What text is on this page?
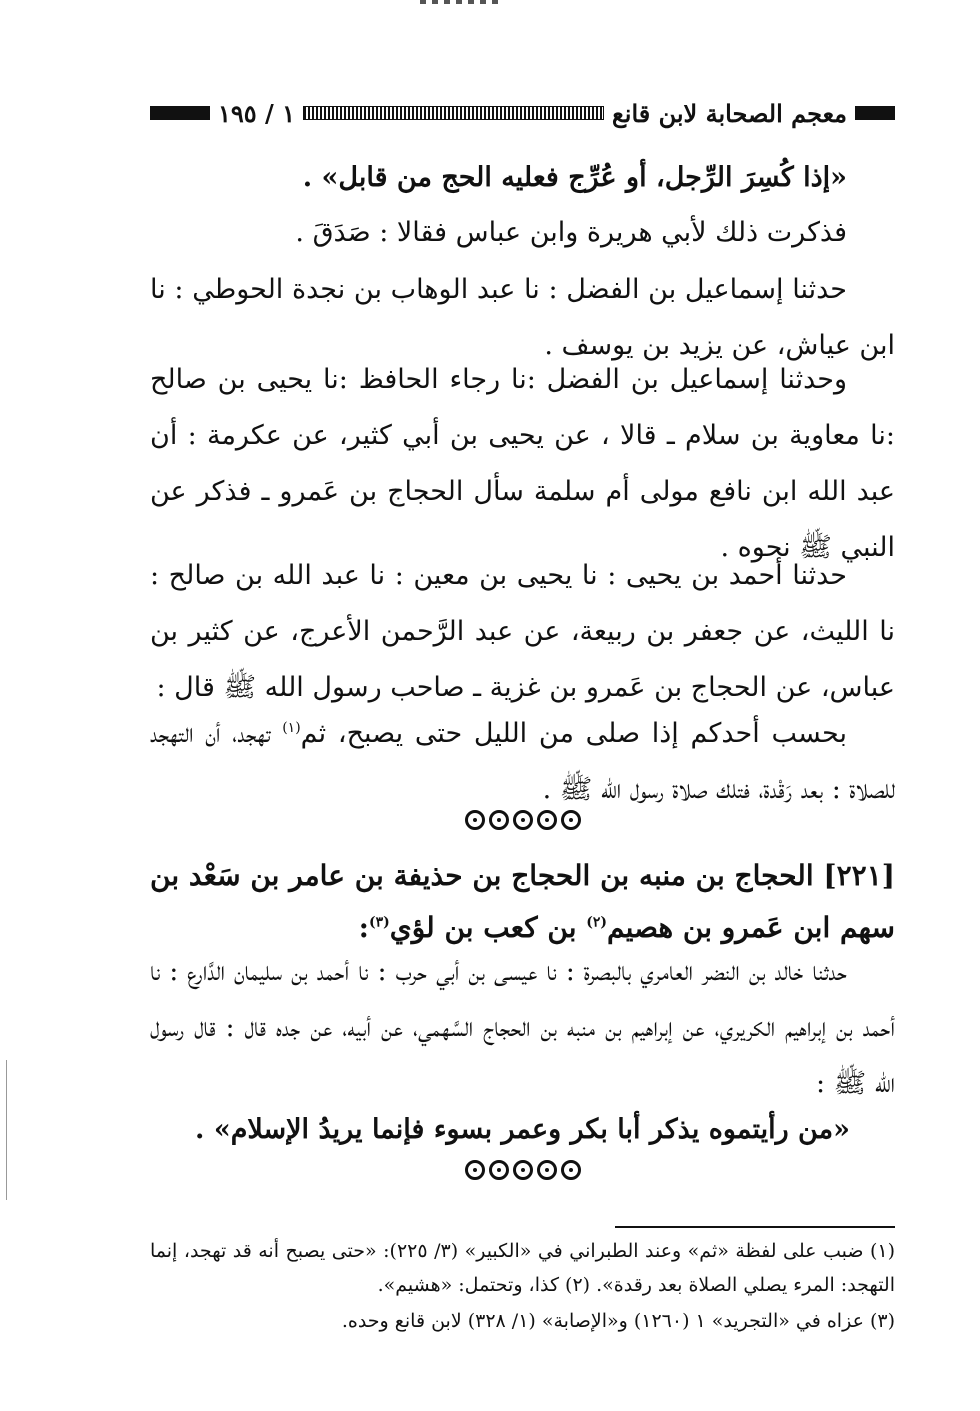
معجم الصحابة لابن قانع
١ / ١٩٥
«إذا كُسِرَ الرِّجل، أو عُرِّج فعليه الحج من قابل» .
فذكرت ذلك لأبي هريرة وابن عباس فقالا : صَدَقَ .
حدثنا إسماعيل بن الفضل : نا عبد الوهاب بن نجدة الحوطي : نا ابن عياش، عن يزيد بن يوسف .
وحدثنا إسماعيل بن الفضل :نا رجاء الحافظ :نا يحيى بن صالح :نا معاوية بن سلام ـ قالا ، عن يحيى بن أبي كثير، عن عكرمة : أن عبد الله ابن نافع مولى أم سلمة سأل الحجاج بن عَمرو ـ فذكر عن النبي ﷺ نحوه .
حدثنا أحمد بن يحيى : نا يحيى بن معين : نا عبد الله بن صالح : نا الليث، عن جعفر بن ربيعة، عن عبد الرَّحمن الأعرج، عن كثير بن عباس، عن الحجاج بن عَمرو بن غزية ـ صاحب رسول الله ﷺ قال :
بحسب أحدكم إذا صلى من الليل حتى يصبح، ثم$^{(١)}$ تهجد، أن التهجد للصلاة : بعد رَقْدة، فتلك صلاة رسول الله ﷺ .
[٢٢١] الحجاج بن منبه بن الحجاج بن حذيفة بن عامر بن سَعْد بن سهم ابن عَمرو بن هصيم$^{(٢)}$ بن كعب بن لؤي$^{(٣)}$:
حدثنا خالد بن النضر العامري بالبصرة : نا عيسى بن أبي حرب : نا أحمد بن سليمان الدَّارع : نا أحمد بن إبراهيم الكريري، عن إبراهيم بن منبه بن الحجاج السَّهمي، عن أبيه، عن جده قال : قال رسول الله ﷺ :
«من رأيتموه يذكر أبا بكر وعمر بسوء فإنما يريدُ الإسلام» .
(١) ضبب على لفظة «ثم» وعند الطبراني في «الكبير» (٣/ ٢٢٥): «حتى يصبح أنه قد تهجد، إنما التهجد: المرء يصلي الصلاة بعد رقدة». (٢) كذا، وتحتمل: «هشيم».
(٣) عزاه في «التجريد» ١ (١٢٦٠) و«الإصابة» (١/ ٣٢٨) لابن قانع وحده.
